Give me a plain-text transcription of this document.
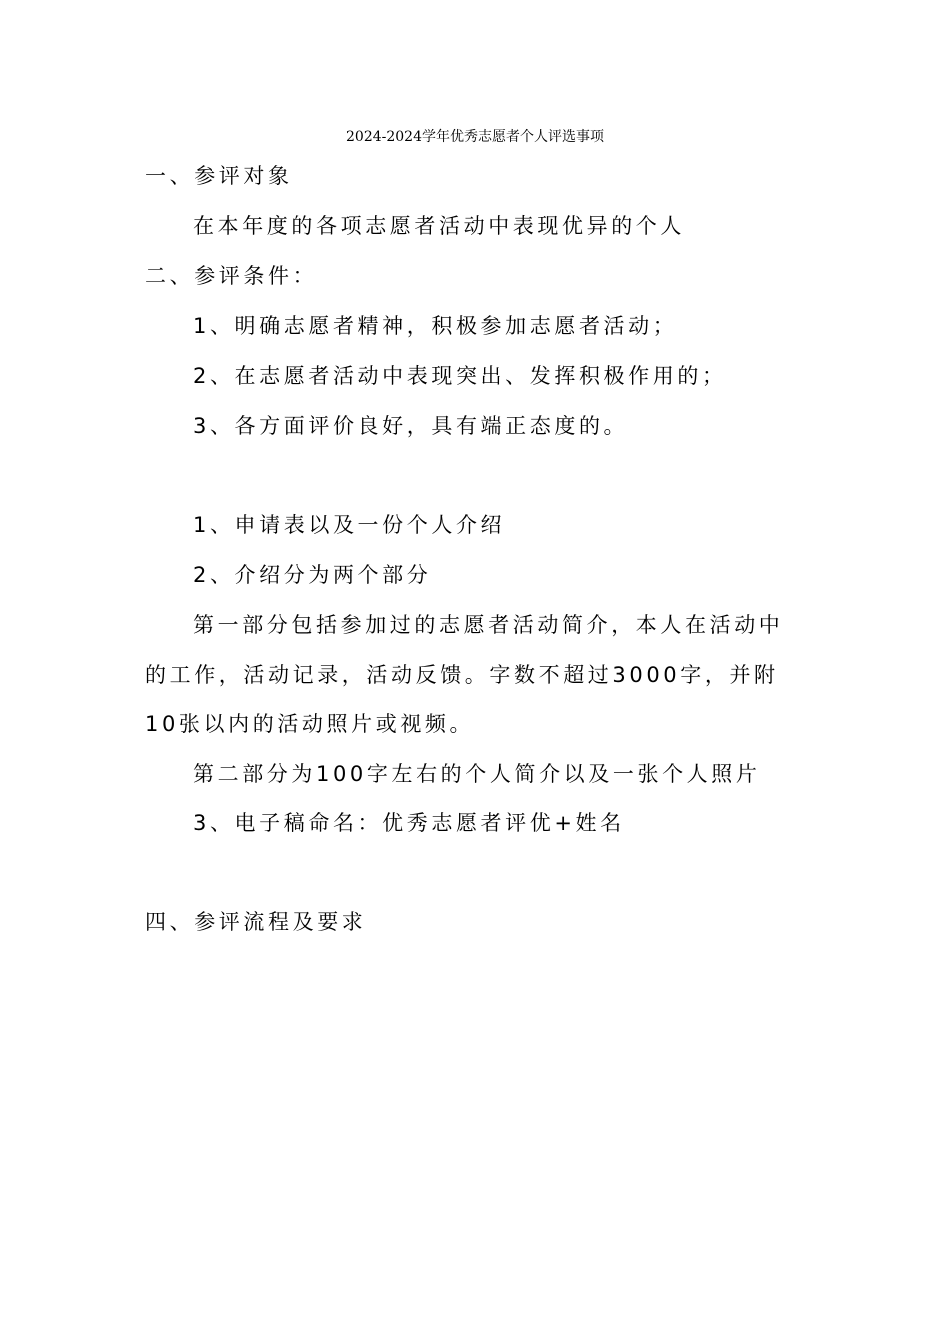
2024-2024学年优秀志愿者个人评选事项
一、参评对象
在本年度的各项志愿者活动中表现优异的个人
二、参评条件：
1、明确志愿者精神，积极参加志愿者活动；
2、在志愿者活动中表现突出、发挥积极作用的；
3、各方面评价良好，具有端正态度的。
1、申请表以及一份个人介绍
2、介绍分为两个部分
第一部分包括参加过的志愿者活动简介，本人在活动中
的工作，活动记录，活动反馈。字数不超过3000字，并附
10张以内的活动照片或视频。
第二部分为100字左右的个人简介以及一张个人照片
3、电子稿命名：优秀志愿者评优+姓名
四、参评流程及要求
